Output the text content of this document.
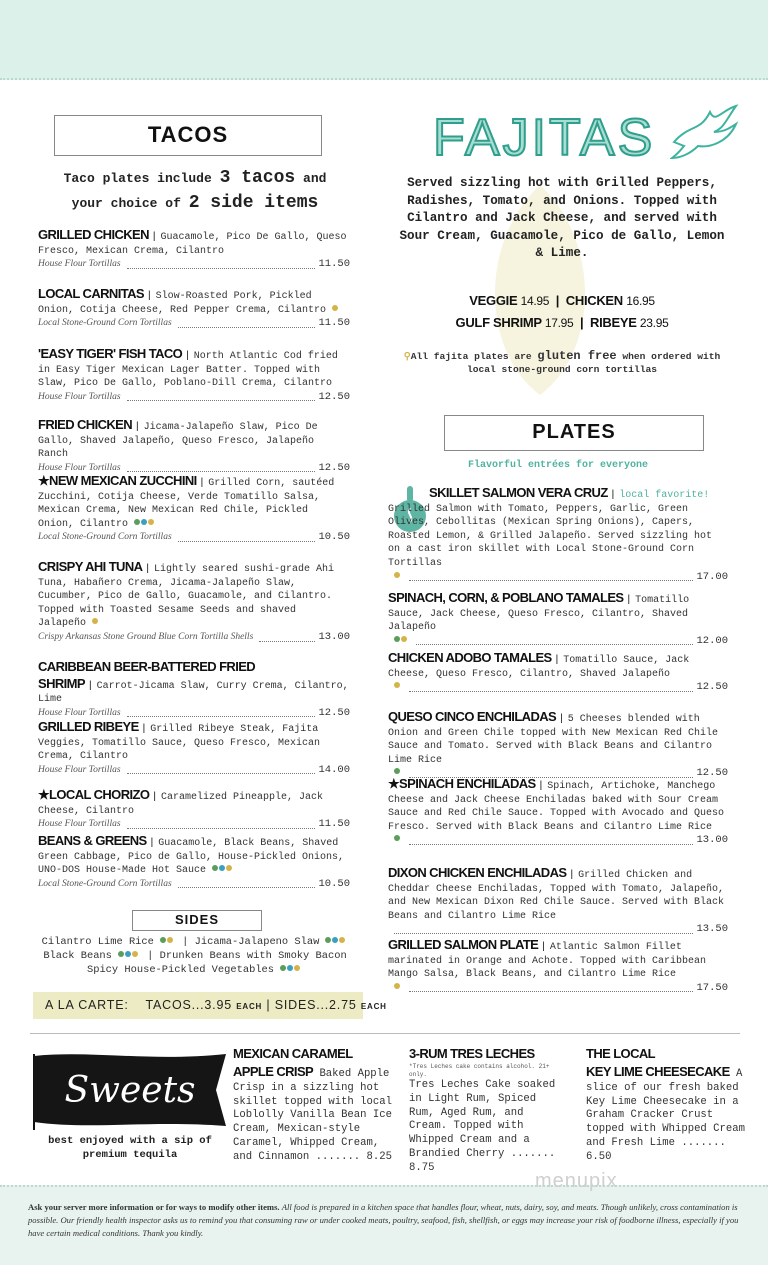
TACOS
Taco plates include 3 tacos and
your choice of 2 side items
GRILLED CHICKEN | Guacamole, Pico De Gallo, Queso Fresco, Mexican Crema, Cilantro
House Flour Tortillas	11.50
LOCAL CARNITAS | Slow-Roasted Pork, Pickled Onion, Cotija Cheese, Red Pepper Crema, Cilantro
Local Stone-Ground Corn Tortillas	11.50
'EASY TIGER' FISH TACO | North Atlantic Cod fried in Easy Tiger Mexican Lager Batter. Topped with Slaw, Pico De Gallo, Poblano-Dill Crema, Cilantro
House Flour Tortillas	12.50
FRIED CHICKEN | Jicama-Jalapeño Slaw, Pico De Gallo, Shaved Jalapeño, Queso Fresco, Jalapeño Ranch
House Flour Tortillas	12.50
★NEW MEXICAN ZUCCHINI | Grilled Corn, sautéed Zucchini, Cotija Cheese, Verde Tomatillo Salsa, Mexican Crema, New Mexican Red Chile, Pickled Onion, Cilantro
Local Stone-Ground Corn Tortillas	10.50
CRISPY AHI TUNA | Lightly seared sushi-grade Ahi Tuna, Habañero Crema, Jicama-Jalapeño Slaw, Cucumber, Pico de Gallo, Guacamole, and Cilantro. Topped with Toasted Sesame Seeds and shaved Jalapeño
Crispy Arkansas Stone Ground Blue Corn Tortilla Shells	13.00
CARIBBEAN BEER-BATTERED FRIED SHRIMP | Carrot-Jicama Slaw, Curry Crema, Cilantro, Lime
House Flour Tortillas	12.50
GRILLED RIBEYE | Grilled Ribeye Steak, Fajita Veggies, Tomatillo Sauce, Queso Fresco, Mexican Crema, Cilantro
House Flour Tortillas	14.00
★LOCAL CHORIZO | Caramelized Pineapple, Jack Cheese, Cilantro
House Flour Tortillas	11.50
BEANS & GREENS | Guacamole, Black Beans, Shaved Green Cabbage, Pico de Gallo, House-Pickled Onions, UNO-DOS House-Made Hot Sauce
Local Stone-Ground Corn Tortillas	10.50
SIDES
Cilantro Lime Rice | Jicama-Jalapeno Slaw
Black Beans	| Drunken Beans with Smoky Bacon
Spicy House-Pickled Vegetables
A LA CARTE: TACOS...3.95 EACH | SIDES...2.75 EACH
FAJITAS
Served sizzling hot with Grilled Peppers, Radishes, Tomato, and Onions. Topped with Cilantro and Jack Cheese, and served with Sour Cream, Guacamole, Pico de Gallo, Lemon & Lime.
VEGGIE 14.95  |  CHICKEN 16.95
GULF SHRIMP 17.95  |  RIBEYE 23.95
⚲All fajita plates are gluten free when ordered with local stone-ground corn tortillas
PLATES
Flavorful entrées for everyone
SKILLET SALMON VERA CRUZ | local favorite!
Grilled Salmon with Tomato, Peppers, Garlic, Green Olives, Cebollitas (Mexican Spring Onions), Capers, Roasted Lemon, & Grilled Jalapeño. Served sizzling hot on a cast iron skillet with Local Stone-Ground Corn Tortillas
17.00
SPINACH, CORN, & POBLANO TAMALES | Tomatillo Sauce, Jack Cheese, Queso Fresco, Cilantro, Shaved Jalapeño
12.00
CHICKEN ADOBO TAMALES | Tomatillo Sauce, Jack Cheese, Queso Fresco, Cilantro, Shaved Jalapeño
12.50
QUESO CINCO ENCHILADAS | 5 Cheeses blended with Onion and Green Chile topped with New Mexican Red Chile Sauce and Tomato. Served with Black Beans and Cilantro Lime Rice
12.50
★SPINACH ENCHILADAS | Spinach, Artichoke, Manchego Cheese and Jack Cheese Enchiladas baked with Sour Cream Sauce and Red Chile Sauce. Topped with Avocado and Queso Fresco. Served with Black Beans and Cilantro Lime Rice
13.00
DIXON CHICKEN ENCHILADAS | Grilled Chicken and Cheddar Cheese Enchiladas, Topped with Tomato, Jalapeño, and New Mexican Dixon Red Chile Sauce. Served with Black Beans and Cilantro Lime Rice
13.50
GRILLED SALMON PLATE | Atlantic Salmon Fillet marinated in Orange and Achote. Topped with Caribbean Mango Salsa, Black Beans, and Cilantro Lime Rice
17.50
Sweets
best enjoyed with a sip of premium tequila
MEXICAN CARAMEL
APPLE CRISP Baked Apple Crisp in a sizzling hot skillet topped with local Loblolly Vanilla Bean Ice Cream, Mexican-style Caramel, Whipped Cream, and Cinnamon ....... 8.25
3-RUM TRES LECHES
*Tres Leches cake contains alcohol. 21+ only.
Tres Leches Cake soaked in Light Rum, Spiced Rum, Aged Rum, and Cream. Topped with Whipped Cream and a Brandied Cherry ....... 8.75
THE LOCAL
KEY LIME CHEESECAKE A slice of our fresh baked Key Lime Cheesecake in a Graham Cracker Crust topped with Whipped Cream and Fresh Lime ....... 6.50
menupix
Ask your server more information or for ways to modify other items. All food is prepared in a kitchen space that handles flour, wheat, nuts, dairy, soy, and meats. Though unlikely, cross contamination is possible. Our friendly health inspector asks us to remind you that consuming raw or under cooked meats, poultry, seafood, fish, shellfish, or eggs may increase your risk of foodborne illness, especially if you have certain medical conditions. Thank you kindly.
